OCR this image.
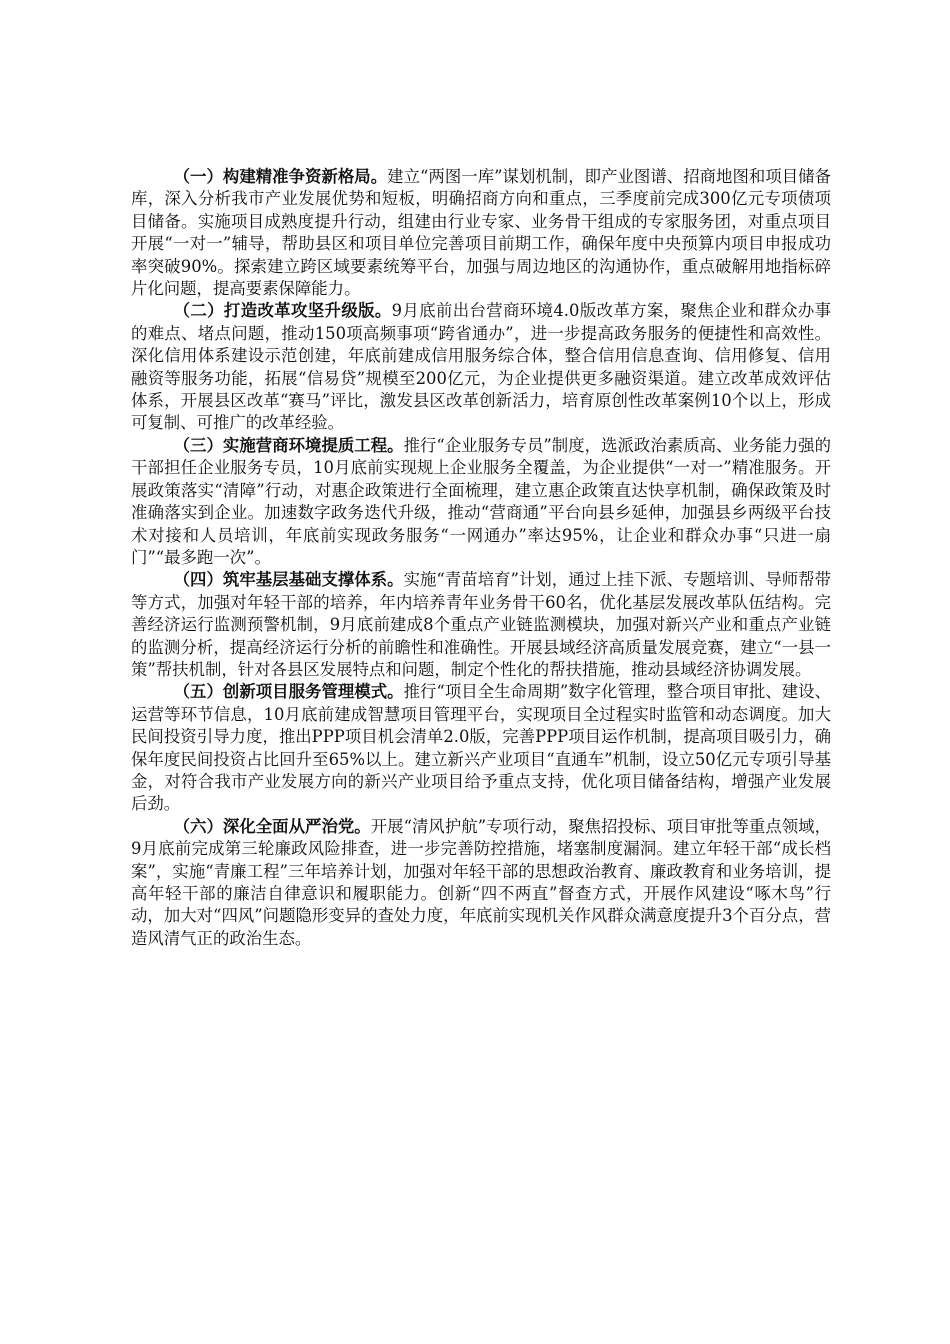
（一）构建精准争资新格局。建立“两图一库”谋划机制，即产业图谱、招商地图和项目储备库，深入分析我市产业发展优势和短板，明确招商方向和重点，三季度前完成300亿元专项债项目储备。实施项目成熟度提升行动，组建由行业专家、业务骨干组成的专家服务团，对重点项目开展“一对一”辅导，帮助县区和项目单位完善项目前期工作，确保年度中央预算内项目申报成功率突破90%。探索建立跨区域要素统筹平台，加强与周边地区的沟通协作，重点破解用地指标碎片化问题，提高要素保障能力。

（二）打造改革攻坚升级版。9月底前出台营商环境4.0版改革方案，聚焦企业和群众办事的难点、堵点问题，推动150项高频事项“跨省通办”，进一步提高政务服务的便捷性和高效性。深化信用体系建设示范创建，年底前建成信用服务综合体，整合信用信息查询、信用修复、信用融资等服务功能，拓展“信易贷”规模至200亿元，为企业提供更多融资渠道。建立改革成效评估体系，开展县区改革“赛马”评比，激发县区改革创新活力，培育原创性改革案例10个以上，形成可复制、可推广的改革经验。

（三）实施营商环境提质工程。推行“企业服务专员”制度，选派政治素质高、业务能力强的干部担任企业服务专员，10月底前实现规上企业服务全覆盖，为企业提供“一对一”精准服务。开展政策落实“清障”行动，对惠企政策进行全面梳理，建立惠企政策直达快享机制，确保政策及时准确落实到企业。加速数字政务迭代升级，推动“营商通”平台向县乡延伸，加强县乡两级平台技术对接和人员培训，年底前实现政务服务“一网通办”率达95%，让企业和群众办事“只进一扇门”“最多跑一次”。

（四）筑牢基层基础支撑体系。实施“青苗培育”计划，通过上挂下派、专题培训、导师帮带等方式，加强对年轻干部的培养，年内培养青年业务骨干60名，优化基层发展改革队伍结构。完善经济运行监测预警机制，9月底前建成8个重点产业链监测模块，加强对新兴产业和重点产业链的监测分析，提高经济运行分析的前瞻性和准确性。开展县域经济高质量发展竞赛，建立“一县一策”帮扶机制，针对各县区发展特点和问题，制定个性化的帮扶措施，推动县域经济协调发展。

（五）创新项目服务管理模式。推行“项目全生命周期”数字化管理，整合项目审批、建设、运营等环节信息，10月底前建成智慧项目管理平台，实现项目全过程实时监管和动态调度。加大民间投资引导力度，推出PPP项目机会清单2.0版，完善PPP项目运作机制，提高项目吸引力，确保年度民间投资占比回升至65%以上。建立新兴产业项目“直通车”机制，设立50亿元专项引导基金，对符合我市产业发展方向的新兴产业项目给予重点支持，优化项目储备结构，增强产业发展后劲。

（六）深化全面从严治党。开展“清风护航”专项行动，聚焦招投标、项目审批等重点领域，9月底前完成第三轮廉政风险排查，进一步完善防控措施，堵塞制度漏洞。建立年轻干部“成长档案”，实施“青廉工程”三年培养计划，加强对年轻干部的思想政治教育、廉政教育和业务培训，提高年轻干部的廉洁自律意识和履职能力。创新“四不两直”督查方式，开展作风建设“啄木鸟”行动，加大对“四风”问题隐形变异的查处力度，年底前实现机关作风群众满意度提升3个百分点，营造风清气正的政治生态。
